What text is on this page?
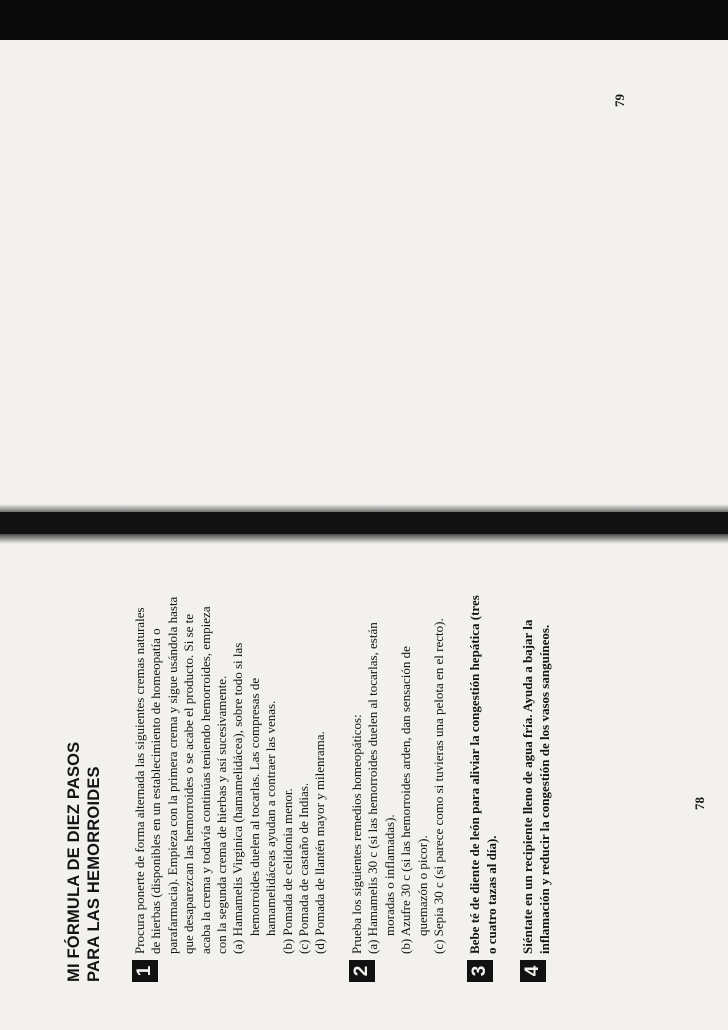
79
MI FÓRMULA DE DIEZ PASOS PARA LAS HEMORROIDES 1
Procura ponerte de forma alternada las siguientes cremas naturales de hierbas (disponibles en un establecimiento de homeopatía o parafarmacia). Empieza con la primera crema y sigue usándola hasta que desaparezcan las hemorroides o se acabe el producto. Si se te acaba la crema y todavía continúas teniendo hemorroides, empieza con la segunda crema de hierbas y así sucesivamente. (a) Hamamelis Virginica (hamamelidácea), sobre todo si las hemorroides duelen al tocarlas. Las compresas de hamamelidáceas ayudan a contraer las venas. (b) Pomada de celidonia menor. (c) Pomada de castaño de Indias. (d) Pomada de llantén mayor y milenrama.
2
Prueba los siguientes remedios homeopáticos: (a) Hamamelis 30 c (si las hemorroides duelen al tocarlas, están moradas o inflamadas). (b) Azufre 30 c (si las hemorroides arden, dan sensación de quemazón o picor). (c) Sepia 30 c (si parece como si tuvieras una pelota en el recto).
3
Bebe té de diente de león para aliviar la congestión hepática (tres o cuatro tazas al día).
4
Siéntate en un recipiente lleno de agua fría. Ayuda a bajar la inflamación y reducir la congestión de los vasos sanguíneos.	78
